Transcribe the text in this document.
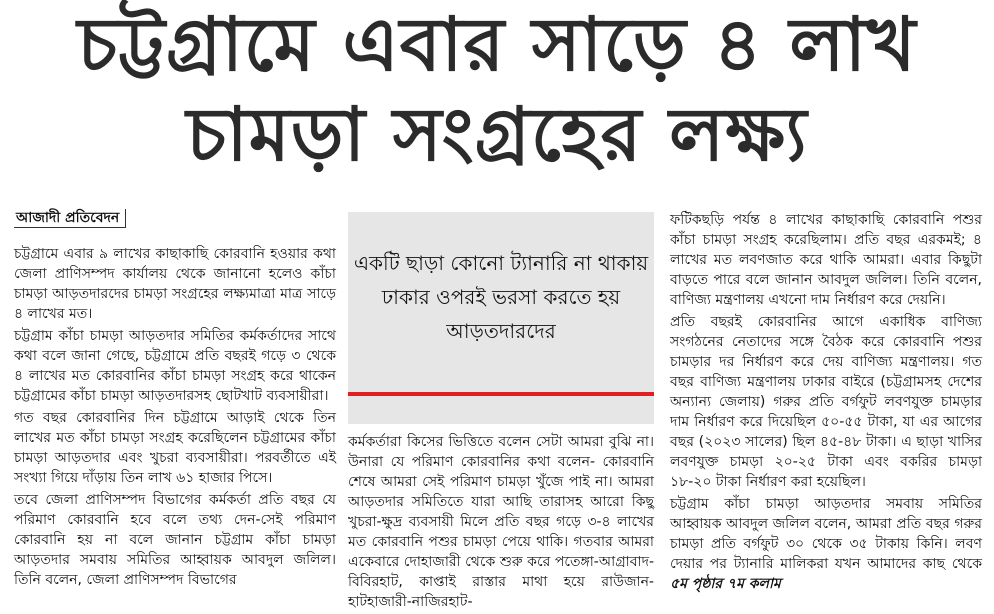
চট্টগ্রামে এবার সাড়ে ৪ লাখ
চামড়া সংগ্রহের লক্ষ্য
আজাদী প্রতিবেদন

চট্টগ্রামে এবার ৯ লাখের কাছাকাছি কোরবানি হওয়ার কথা জেলা প্রাণিসম্পদ কার্যালয় থেকে জানানো হলেও কাঁচা চামড়া আড়তদারদের চামড়া সংগ্রহের লক্ষ্যমাত্রা মাত্র সাড়ে ৪ লাখের মত।

চট্টগ্রাম কাঁচা চামড়া আড়তদার সমিতির কর্মকর্তাদের সাথে কথা বলে জানা গেছে, চট্টগ্রামে প্রতি বছরই গড়ে ৩ থেকে ৪ লাখের মত কোরবানির কাঁচা চামড়া সংগ্রহ করে থাকেন চট্টগ্রামের কাঁচা চামড়া আড়তদারসহ ছোটখাট ব্যবসায়ীরা।

গত বছর কোরবানির দিন চট্টগ্রামে আড়াই থেকে তিন লাখের মত কাঁচা চামড়া সংগ্রহ করেছিলেন চট্টগ্রামের কাঁচা চামড়া আড়তদার এবং খুচরা ব্যবসায়ীরা। পরবর্তীতে এই সংখ্যা গিয়ে দাঁড়ায় তিন লাখ ৬১ হাজার পিসে।

তবে জেলা প্রাণিসম্পদ বিভাগের কর্মকর্তা প্রতি বছর যে পরিমাণ কোরবানি হবে বলে তথ্য দেন-সেই পরিমাণ কোরবানি হয় না বলে জানান চট্টগ্রাম কাঁচা চামড়া আড়তদার সমবায় সমিতির আহ্বায়ক আবদুল জলিল। তিনি বলেন, জেলা প্রাণিসম্পদ বিভাগের

একটি ছাড়া কোনো ট্যানারি না থাকায় ঢাকার ওপরই ভরসা করতে হয় আড়তদারদের

কর্মকর্তারা কিসের ভিত্তিতে বলেন সেটা আমরা বুঝি না। উনারা যে পরিমাণ কোরবানির কথা বলেন- কোরবানি শেষে আমরা সেই পরিমাণ চামড়া খুঁজে পাই না। আমরা আড়তদার সমিতিতে যারা আছি তারাসহ আরো কিছু খুচরা-ক্ষুদ্র ব্যবসায়ী মিলে প্রতি বছর গড়ে ৩-৪ লাখের মত কোরবানি পশুর চামড়া পেয়ে থাকি। গতবার আমরা একেবারে দোহাজারী থেকে শুরু করে পতেঙ্গা-আগ্রাবাদ-বিবিরহাট, কাপ্তাই রাস্তার মাথা হয়ে রাউজান-হাটহাজারী-নাজিরহাট-

ফটিকছড়ি পর্যন্ত ৪ লাখের কাছাকাছি কোরবানি পশুর কাঁচা চামড়া সংগ্রহ করেছিলাম। প্রতি বছর এরকমই; ৪ লাখের মত লবণজাত করে থাকি আমরা। এবার কিছুটা বাড়তে পারে বলে জানান আবদুল জলিল। তিনি বলেন, বাণিজ্য মন্ত্রণালয় এখনো দাম নির্ধারণ করে দেয়নি।

প্রতি বছরই কোরবানির আগে একাধিক বাণিজ্য সংগঠনের নেতাদের সঙ্গে বৈঠক করে কোরবানি পশুর চামড়ার দর নির্ধারণ করে দেয় বাণিজ্য মন্ত্রণালয়। গত বছর বাণিজ্য মন্ত্রণালয় ঢাকার বাইরে (চট্টগ্রামসহ দেশের অন্যান্য জেলায়) গরুর প্রতি বর্গফুট লবণযুক্ত চামড়ার দাম নির্ধারণ করে দিয়েছিল ৫০-৫৫ টাকা, যা এর আগের বছর (২০২৩ সালের) ছিল ৪৫-৪৮ টাকা। এ ছাড়া খাসির লবণযুক্ত চামড়া ২০-২৫ টাকা এবং বকরির চামড়া ১৮-২০ টাকা নির্ধারণ করা হয়েছিল।

চট্টগ্রাম কাঁচা চামড়া আড়তদার সমবায় সমিতির আহ্বায়ক আবদুল জলিল বলেন, আমরা প্রতি বছর গরুর চামড়া প্রতি বর্গফুট ৩০ থেকে ৩৫ টাকায় কিনি। লবণ দেয়ার পর ট্যানারি মালিকরা যখন আমাদের কাছ থেকে ৫ম পৃষ্ঠার ৭ম কলাম
